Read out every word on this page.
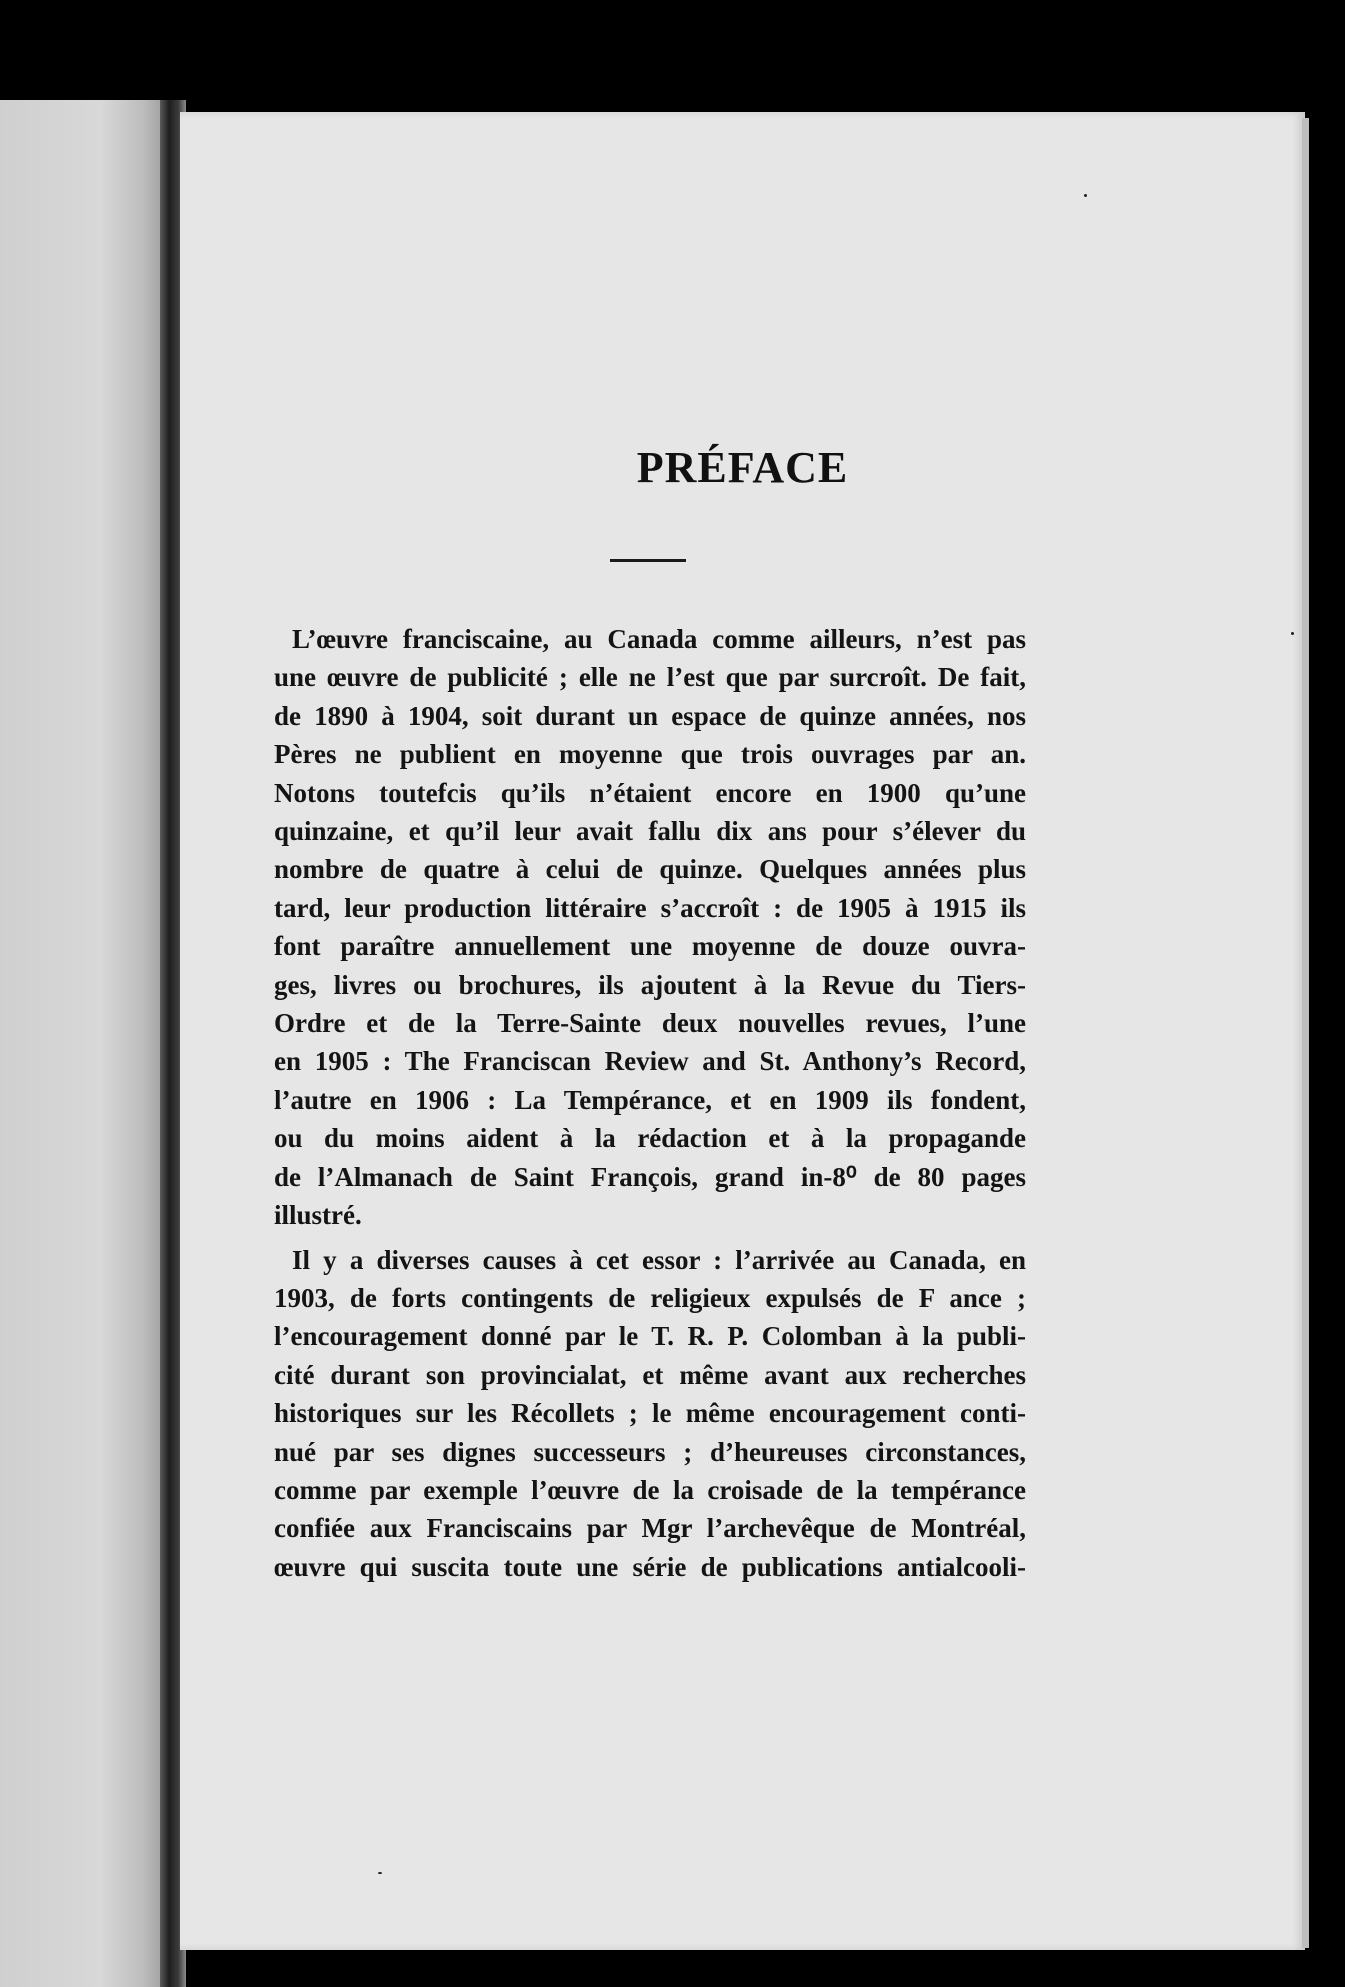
PRÉFACE

L’œuvre franciscaine, au Canada comme ailleurs, n’est pas
une œuvre de publicité ; elle ne l’est que par surcroît. De fait,
de 1890 à 1904, soit durant un espace de quinze années, nos
Pères ne publient en moyenne que trois ouvrages par an.
Notons toutefcis qu’ils n’étaient encore en 1900 qu’une
quinzaine, et qu’il leur avait fallu dix ans pour s’élever du
nombre de quatre à celui de quinze. Quelques années plus
tard, leur production littéraire s’accroît : de 1905 à 1915 ils
font paraître annuellement une moyenne de douze ouvra-
ges, livres ou brochures, ils ajoutent à la Revue du Tiers-
Ordre et de la Terre-Sainte deux nouvelles revues, l’une
en 1905 : The Franciscan Review and St. Anthony’s Record,
l’autre en 1906 : La Tempérance, et en 1909 ils fondent,
ou du moins aident à la rédaction et à la propagande
de l’Almanach de Saint François, grand in-8⁰ de 80 pages
illustré.

Il y a diverses causes à cet essor : l’arrivée au Canada, en
1903, de forts contingents de religieux expulsés de F ance ;
l’encouragement donné par le T. R. P. Colomban à la publi-
cité durant son provincialat, et même avant aux recherches
historiques sur les Récollets ; le même encouragement conti-
nué par ses dignes successeurs ; d’heureuses circonstances,
comme par exemple l’œuvre de la croisade de la tempérance
confiée aux Franciscains par Mgr l’archevêque de Montréal,
œuvre qui suscita toute une série de publications antialcooli-
